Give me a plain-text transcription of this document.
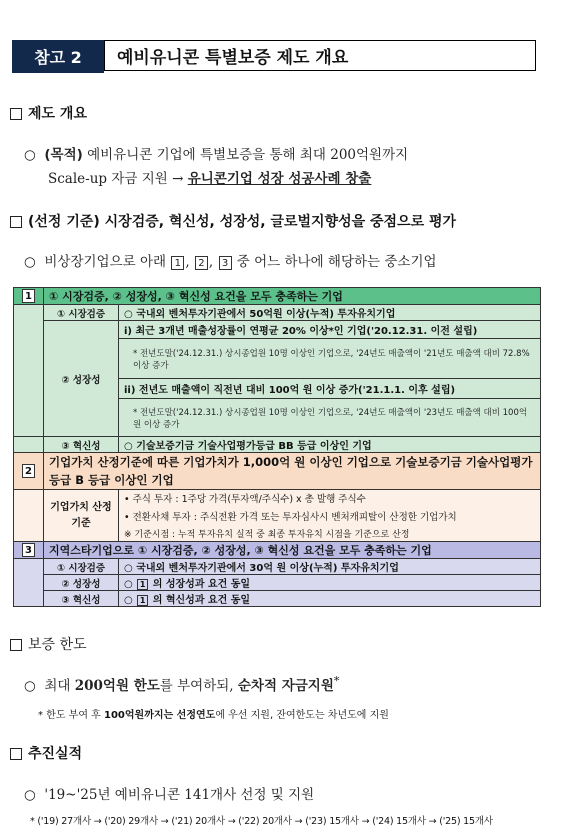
참고 2	예비유니콘 특별보증 제도 개요
제도 개요
○ (목적) 예비유니콘 기업에 특별보증을 통해 최대 200억원까지
Scale-up 자금 지원 → 유니콘기업 성장 성공사례 창출
(선정 기준) 시장검증, 혁신성, 성장성, 글로벌지향성을 중점으로 평가
○ 비상장기업으로 아래 1 , 2 , 3 중 어느 하나에 해당하는 중소기업
1	① 시장검증, ② 성장성, ③ 혁신성 요건을 모두 충족하는 기업	
	① 시장검증	○ 국내외 벤처투자기관에서 50억원 이상(누적) 투자유치기업
	② 성장성	i) 최근 3개년 매출성장률이 연평균 20% 이상*인 기업('20.12.31. 이전 설립)
		* 전년도말('24.12.31.) 상시종업원 10명 이상인 기업으로, '24년도 매출액이 '21년도 매출액 대비 72.8% 이상 증가
		ii) 전년도 매출액이 직전년 대비 100억 원 이상 증가('21.1.1. 이후 설립)
		* 전년도말('24.12.31.) 상시종업원 10명 이상인 기업으로, '24년도 매출액이 '23년도 매출액 대비 100억 원 이상 증가
	③ 혁신성	○ 기술보증기금 기술사업평가등급 BB 등급 이상인 기업
2	기업가치 산정기준에 따른 기업가치가 1,000억 원 이상인 기업으로 기술보증기금 기술사업평가등급 B 등급 이상인 기업	
	기업가치 산정기준	• 주식 투자 : 1주당 가격(투자액/주식수) x 총 발행 주식수
		• 전환사채 투자 : 주식전환 가격 또는 투자심사시 벤처캐피탈이 산정한 기업가치
		※ 기준시점 : 누적 투자유치 실적 중 최종 투자유치 시점을 기준으로 산정
3	지역스타기업으로 ① 시장검증, ② 성장성, ③ 혁신성 요건을 모두 충족하는 기업	
	① 시장검증	○ 국내외 벤처투자기관에서 30억 원 이상(누적) 투자유치기업
	② 성장성	○ 1 의 성장성과 요건 동일
	③ 혁신성	○ 1 의 혁신성과 요건 동일
보증 한도
○ 최대 200억원 한도를 부여하되, 순차적 자금지원*
* 한도 부여 후 100억원까지는 선정연도에 우선 지원, 잔여한도는 차년도에 지원
추진실적
○ '19~'25년 예비유니콘 141개사 선정 및 지원
* ('19) 27개사 → ('20) 29개사 → ('21) 20개사 → ('22) 20개사 → ('23) 15개사 → ('24) 15개사 → ('25) 15개사
